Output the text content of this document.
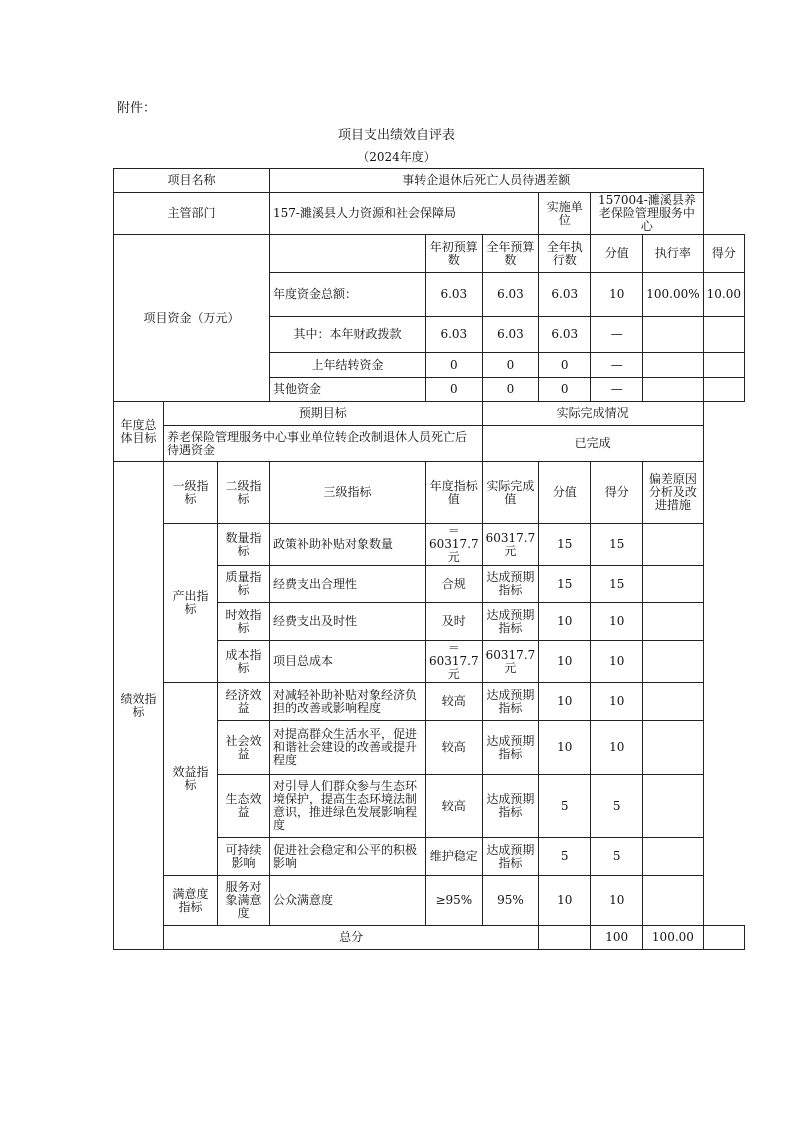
附件：
项目支出绩效自评表
（2024年度）
项目名称			事转企退休后死亡人员待遇差额						
主管部门			157-濉溪县人力资源和社会保障局			实施单位	157004-濉溪县养老保险管理服务中心		
项目资金（万元）				年初预算数	全年预算数	全年执行数	分值	执行率	得分
			年度资金总额：	6.03	6.03	6.03	10	100.00%	10.00
			其中：本年财政拨款	6.03	6.03	6.03	—		
			上年结转资金	0	0	0	—		
			其他资金	0	0	0	—		
年度总体目标	预期目标				实际完成情况				
	养老保险管理服务中心事业单位转企改制退休人员死亡后待遇资金				已完成				
绩效指标	一级指标	二级指标	三级指标	年度指标值	实际完成值	分值	得分	偏差原因分析及改进措施	
	产出指标	数量指标	政策补助补贴对象数量	＝60317.7元	60317.7元	15	15		
		质量指标	经费支出合理性	合规	达成预期指标	15	15		
		时效指标	经费支出及时性	及时	达成预期指标	10	10		
		成本指标	项目总成本	＝60317.7元	60317.7元	10	10		
	效益指标	经济效益	对减轻补助补贴对象经济负担的改善或影响程度	较高	达成预期指标	10	10		
		社会效益	对提高群众生活水平，促进和谐社会建设的改善或提升程度	较高	达成预期指标	10	10		
		生态效益	对引导人们群众参与生态环境保护，提高生态环境法制意识，推进绿色发展影响程度	较高	达成预期指标	5	5		
		可持续影响	促进社会稳定和公平的积极影响	维护稳定	达成预期指标	5	5		
	满意度指标	服务对象满意度	公众满意度	≥95%	95%	10	10		
	总分						100	100.00	
